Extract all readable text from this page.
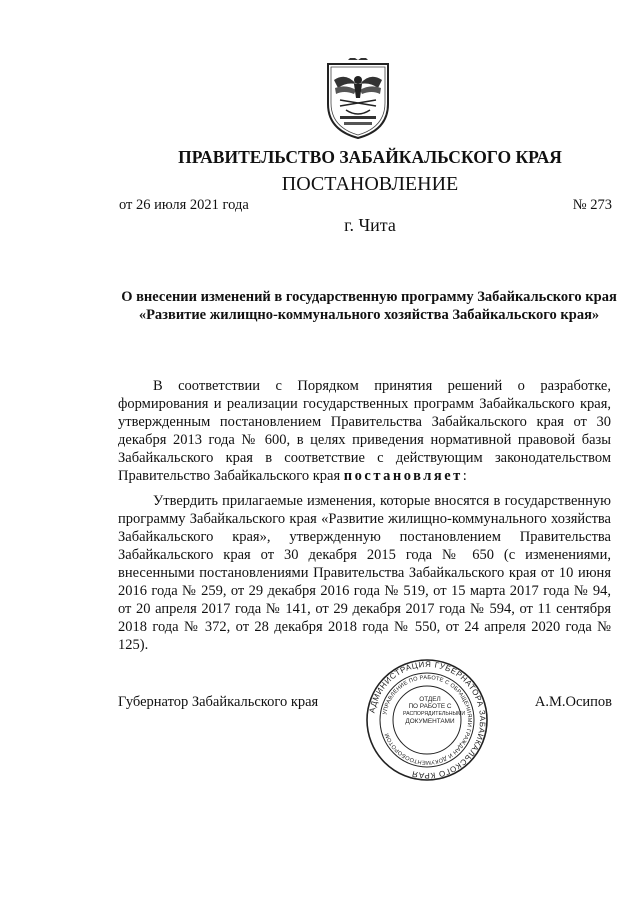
ПРАВИТЕЛЬСТВО ЗАБАЙКАЛЬСКОГО КРАЯ
ПОСТАНОВЛЕНИЕ
от 26 июля 2021 года	№ 273
г. Чита
О внесении изменений в государственную программу Забайкальского края «Развитие жилищно-коммунального хозяйства Забайкальского края»

В соответствии с Порядком принятия решений о разработке, формирования и реализации государственных программ Забайкальского края, утвержденным постановлением Правительства Забайкальского края от 30 декабря 2013 года № 600, в целях приведения нормативной правовой базы Забайкальского края в соответствие с действующим законодательством Правительство Забайкальского края постановляет:

Утвердить прилагаемые изменения, которые вносятся в государственную программу Забайкальского края «Развитие жилищно-коммунального хозяйства Забайкальского края», утвержденную постановлением Правительства Забайкальского края от 30 декабря 2015 года № 650 (с изменениями, внесенными постановлениями Правительства Забайкальского края от 10 июня 2016 года № 259, от 29 декабря 2016 года № 519, от 15 марта 2017 года № 94, от 20 апреля 2017 года № 141, от 29 декабря 2017 года № 594, от 11 сентября 2018 года № 372, от 28 декабря 2018 года № 550, от 24 апреля 2020 года № 125).

Губернатор Забайкальского края	А.М.Осипов
АДМИНИСТРАЦИЯ ГУБЕРНАТОРА ЗАБАЙКАЛЬСКОГО КРАЯ
УПРАВЛЕНИЕ ПО РАБОТЕ С ОБРАЩЕНИЯМИ ГРАЖДАН И ДОКУМЕНТООБОРОТОМ
ОТДЕЛ
ПО РАБОТЕ С
РАСПОРЯДИТЕЛЬНЫМИ
ДОКУМЕНТАМИ
